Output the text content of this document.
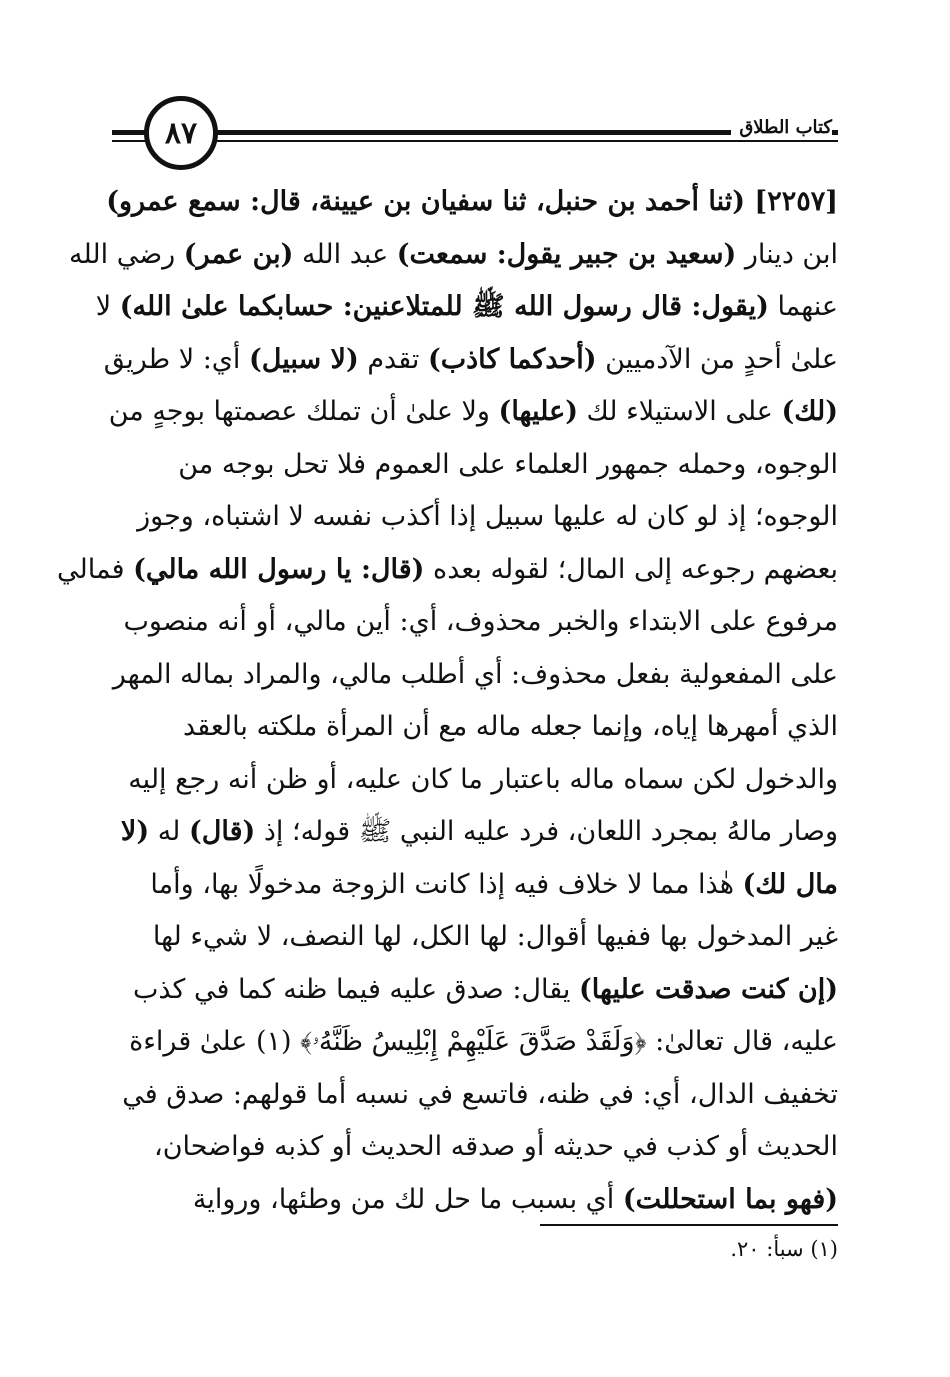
٨٧	كتاب الطلاق
[٢٢٥٧] (ثنا أحمد بن حنبل، ثنا سفيان بن عيينة، قال: سمع عمرو)
ابن دينار (سعيد بن جبير يقول: سمعت) عبد الله (بن عمر) رضي الله
عنهما (يقول: قال رسول الله ﷺ للمتلاعنين: حسابكما علىٰ الله) لا
علىٰ أحدٍ من الآدميين (أحدكما كاذب) تقدم (لا سبيل) أي: لا طريق
(لك) على الاستيلاء لك (عليها) ولا علىٰ أن تملك عصمتها بوجهٍ من
الوجوه، وحمله جمهور العلماء على العموم فلا تحل بوجه من
الوجوه؛ إذ لو كان له عليها سبيل إذا أكذب نفسه لا اشتباه، وجوز
بعضهم رجوعه إلى المال؛ لقوله بعده (قال: يا رسول الله مالي) فمالي
مرفوع على الابتداء والخبر محذوف، أي: أين مالي، أو أنه منصوب
على المفعولية بفعل محذوف: أي أطلب مالي، والمراد بماله المهر
الذي أمهرها إياه، وإنما جعله ماله مع أن المرأة ملكته بالعقد
والدخول لكن سماه ماله باعتبار ما كان عليه، أو ظن أنه رجع إليه
وصار مالهُ بمجرد اللعان، فرد عليه النبي ﷺ قوله؛ إذ (قال) له (لا
مال لك) هٰذا مما لا خلاف فيه إذا كانت الزوجة مدخولًا بها، وأما
غير المدخول بها ففيها أقوال: لها الكل، لها النصف، لا شيء لها
(إن كنت صدقت عليها) يقال: صدق عليه فيما ظنه كما في كذب
عليه، قال تعالىٰ: ﴿وَلَقَدْ صَدَّقَ عَلَيْهِمْ إِبْلِيسُ ظَنَّهُۥ﴾ (١) علىٰ قراءة
تخفيف الدال، أي: في ظنه، فاتسع في نسبه أما قولهم: صدق في
الحديث أو كذب في حديثه أو صدقه الحديث أو كذبه فواضحان،
(فهو بما استحللت) أي بسبب ما حل لك من وطئها، ورواية
(١) سبأ: ٢٠.
